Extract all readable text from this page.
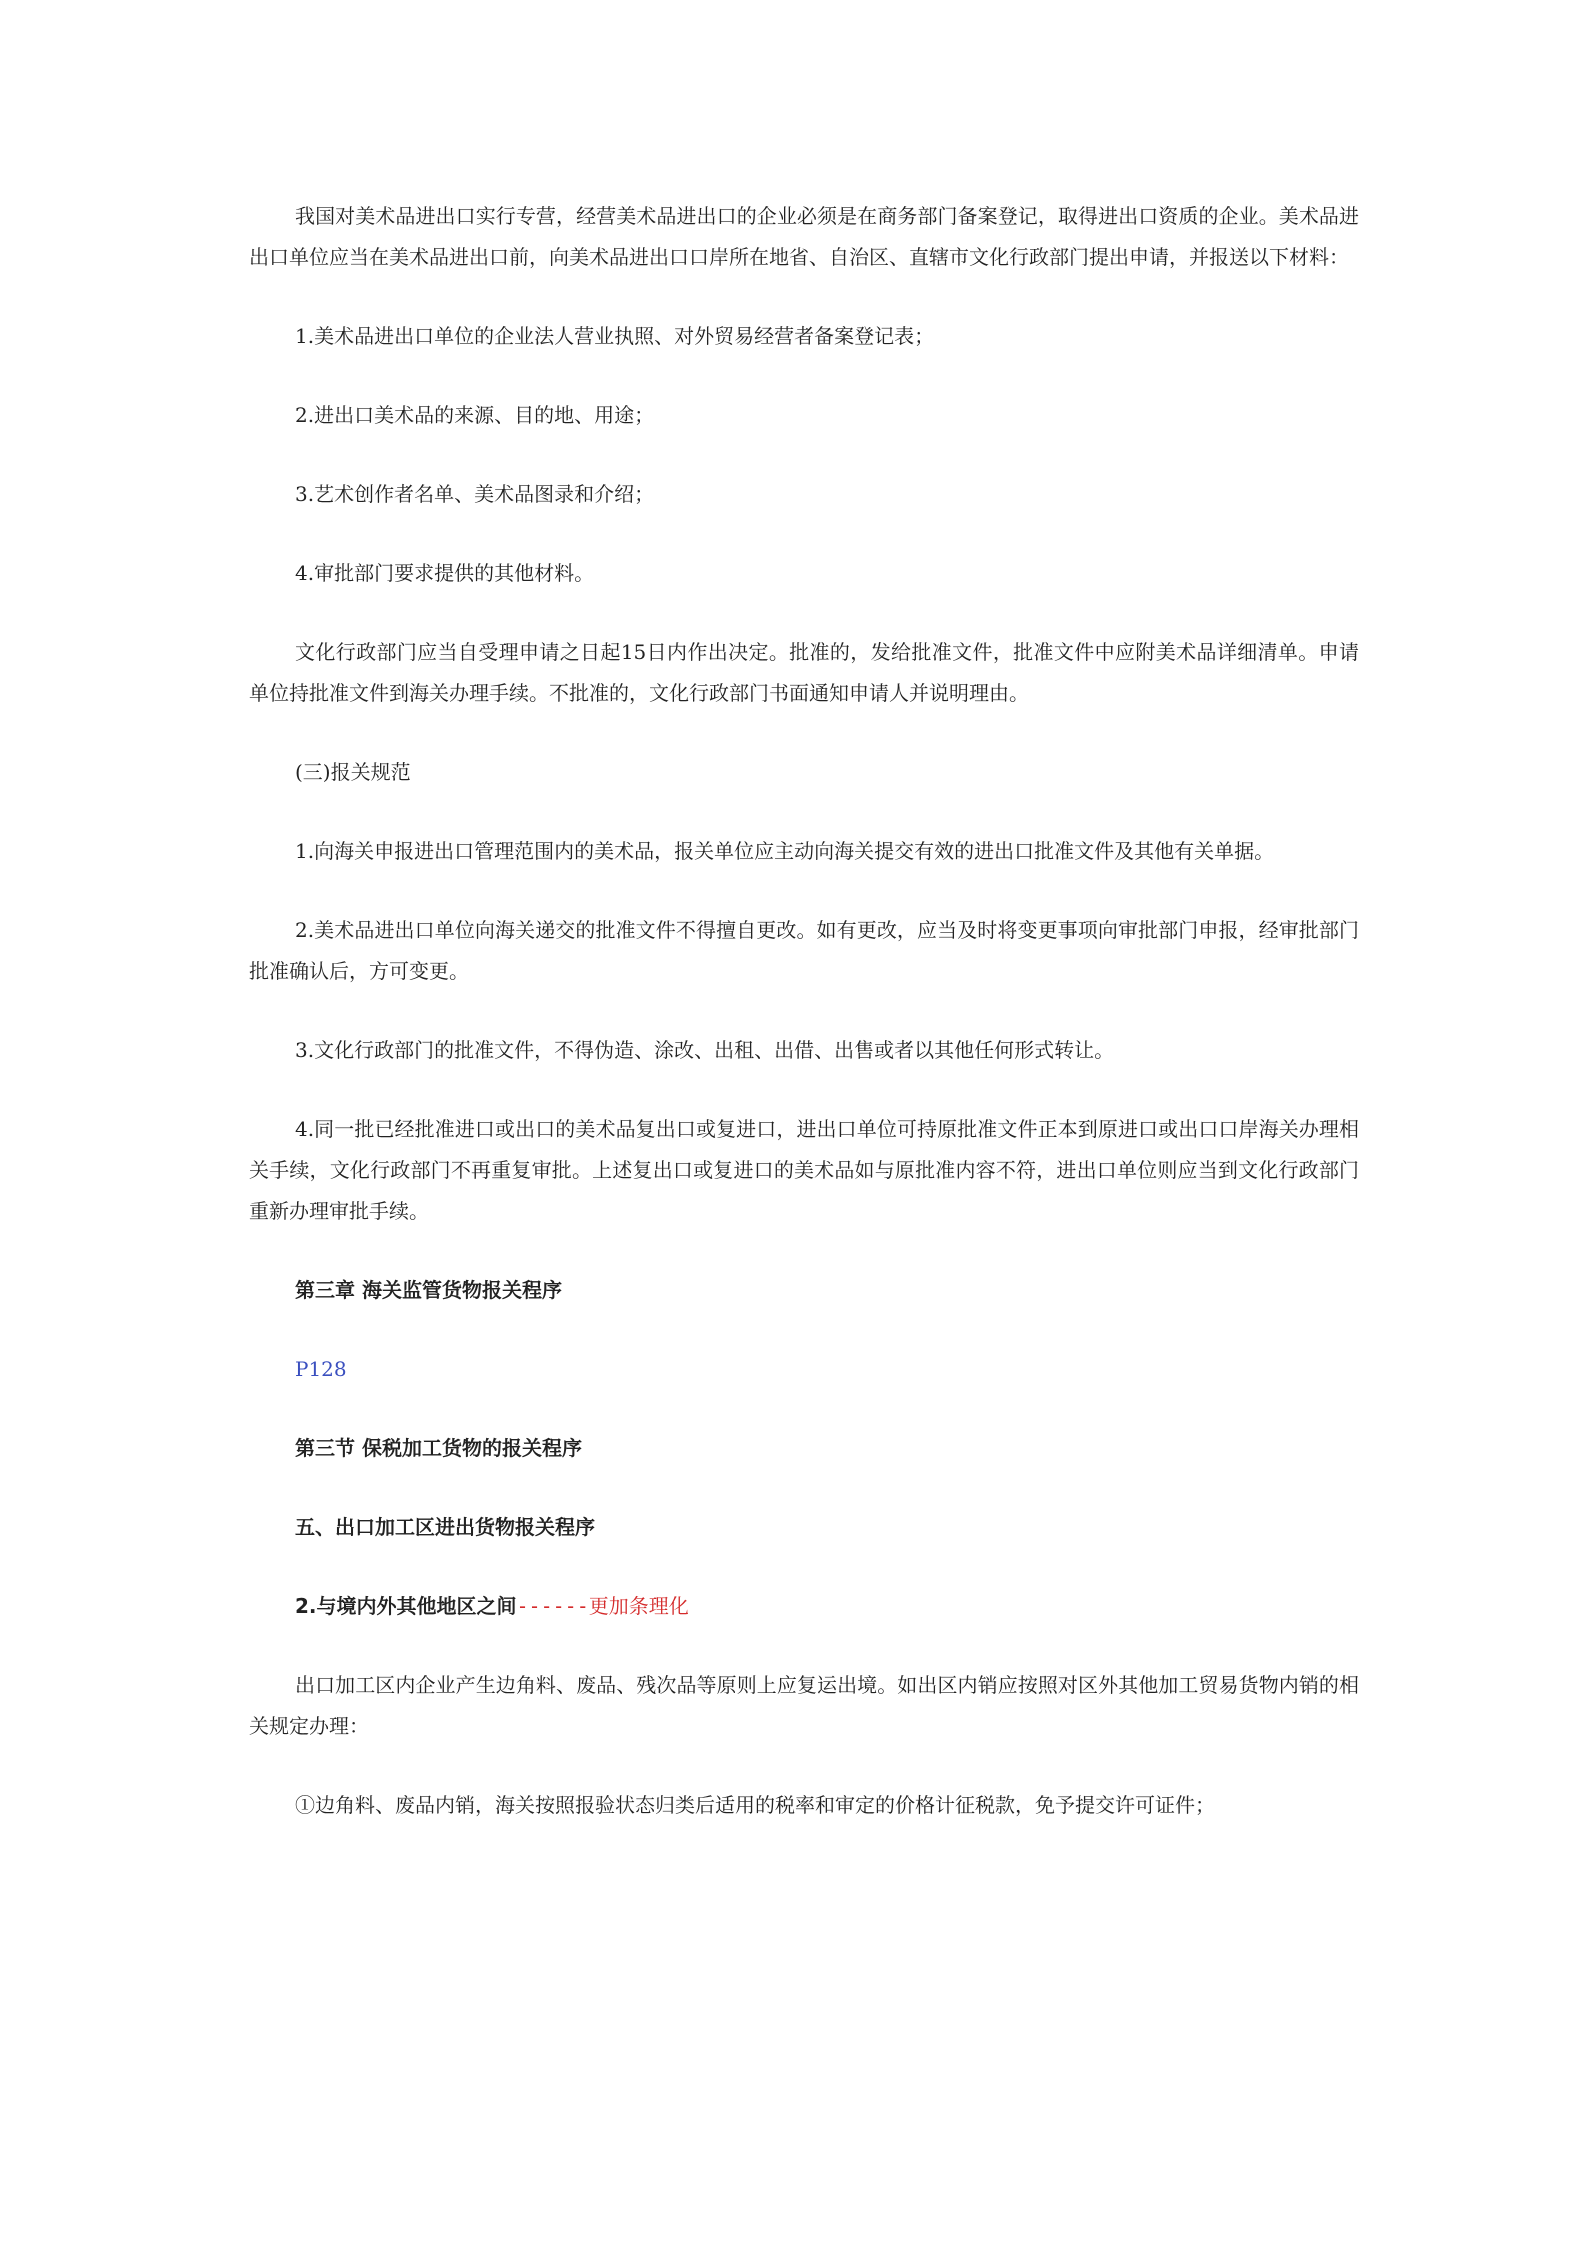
我国对美术品进出口实行专营，经营美术品进出口的企业必须是在商务部门备案登记，取得进出口资质的企业。美术品进出口单位应当在美术品进出口前，向美术品进出口口岸所在地省、自治区、直辖市文化行政部门提出申请，并报送以下材料：

1.美术品进出口单位的企业法人营业执照、对外贸易经营者备案登记表；

2.进出口美术品的来源、目的地、用途；

3.艺术创作者名单、美术品图录和介绍；

4.审批部门要求提供的其他材料。

文化行政部门应当自受理申请之日起15日内作出决定。批准的，发给批准文件，批准文件中应附美术品详细清单。申请单位持批准文件到海关办理手续。不批准的，文化行政部门书面通知申请人并说明理由。

(三)报关规范

1.向海关申报进出口管理范围内的美术品，报关单位应主动向海关提交有效的进出口批准文件及其他有关单据。

2.美术品进出口单位向海关递交的批准文件不得擅自更改。如有更改，应当及时将变更事项向审批部门申报，经审批部门批准确认后，方可变更。

3.文化行政部门的批准文件，不得伪造、涂改、出租、出借、出售或者以其他任何形式转让。

4.同一批已经批准进口或出口的美术品复出口或复进口，进出口单位可持原批准文件正本到原进口或出口口岸海关办理相关手续，文化行政部门不再重复审批。上述复出口或复进口的美术品如与原批准内容不符，进出口单位则应当到文化行政部门重新办理审批手续。

第三章 海关监管货物报关程序

P128

第三节 保税加工货物的报关程序

五、出口加工区进出货物报关程序

2.与境内外其他地区之间------更加条理化

出口加工区内企业产生边角料、废品、残次品等原则上应复运出境。如出区内销应按照对区外其他加工贸易货物内销的相关规定办理：

①边角料、废品内销，海关按照报验状态归类后适用的税率和审定的价格计征税款，免予提交许可证件；
